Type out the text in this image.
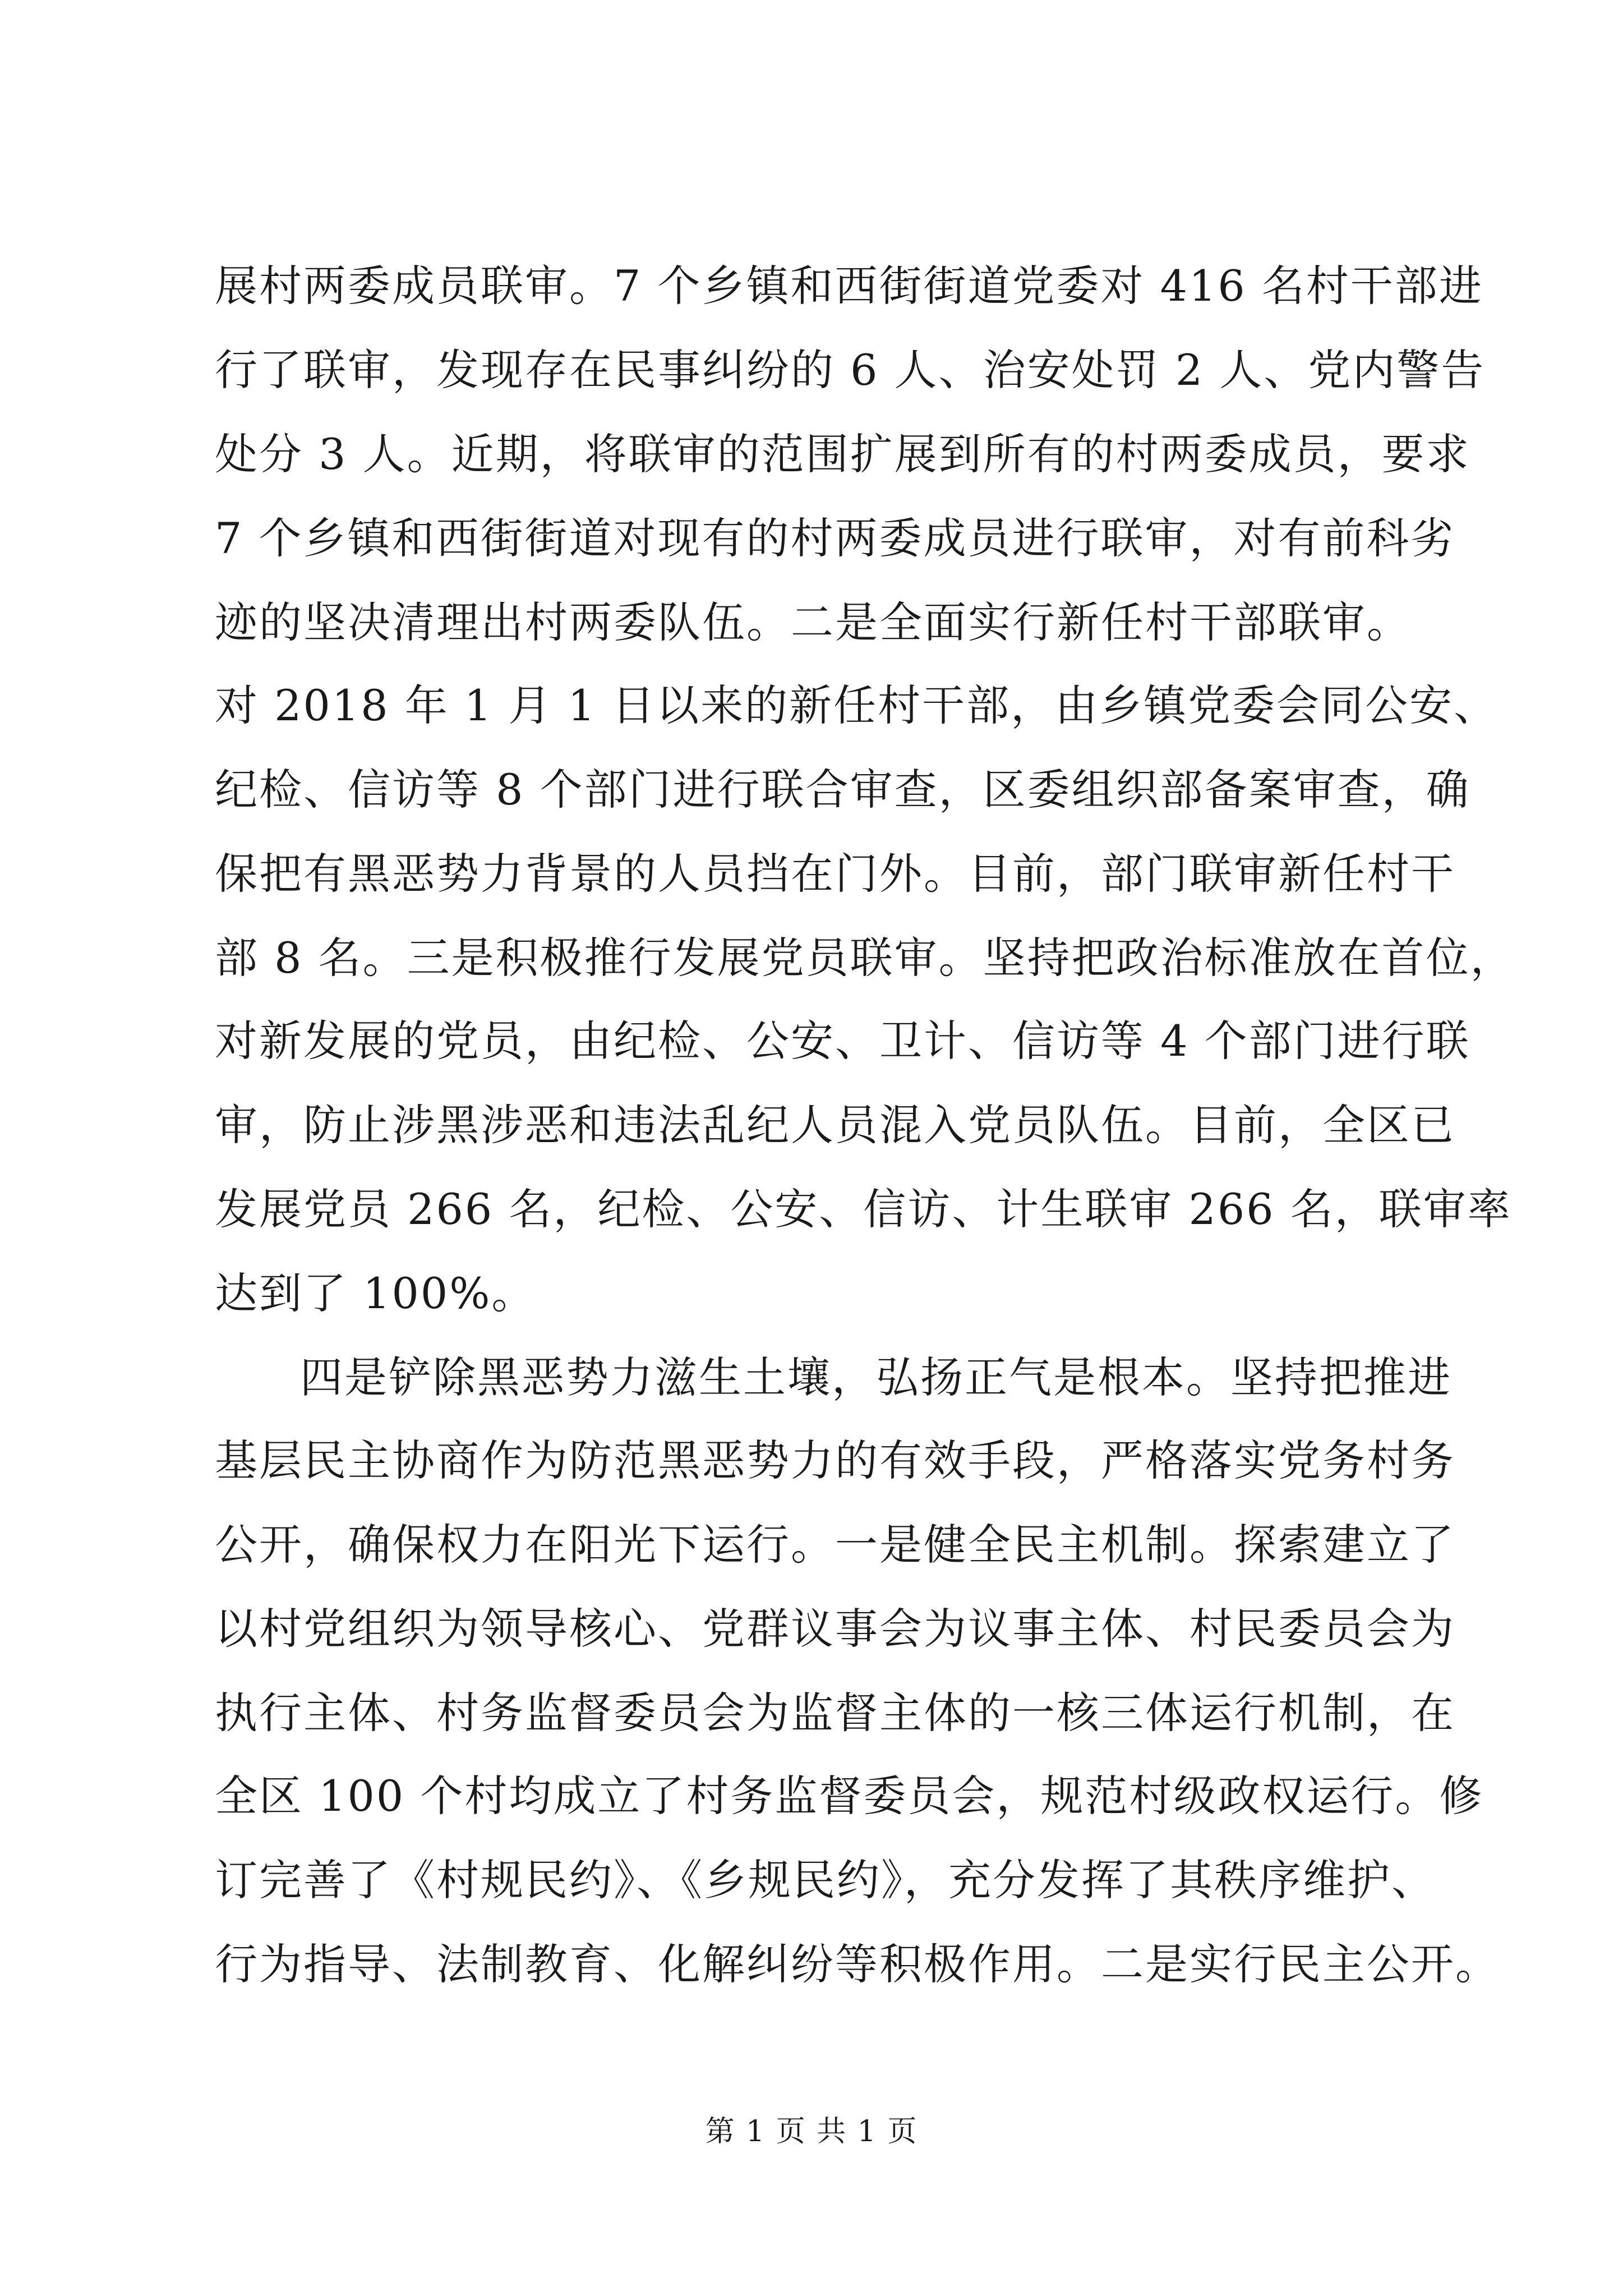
展村两委成员联审。7 个乡镇和西街街道党委对 416 名村干部进
行了联审，发现存在民事纠纷的 6 人、治安处罚 2 人、党内警告
处分 3 人。近期，将联审的范围扩展到所有的村两委成员，要求
7 个乡镇和西街街道对现有的村两委成员进行联审，对有前科劣
迹的坚决清理出村两委队伍。二是全面实行新任村干部联审。
对 2018 年 1 月 1 日以来的新任村干部，由乡镇党委会同公安、
纪检、信访等 8 个部门进行联合审查，区委组织部备案审查，确
保把有黑恶势力背景的人员挡在门外。目前，部门联审新任村干
部 8 名。三是积极推行发展党员联审。坚持把政治标准放在首位，
对新发展的党员，由纪检、公安、卫计、信访等 4 个部门进行联
审，防止涉黑涉恶和违法乱纪人员混入党员队伍。目前，全区已
发展党员 266 名，纪检、公安、信访、计生联审 266 名，联审率
达到了 100%。
四是铲除黑恶势力滋生土壤，弘扬正气是根本。坚持把推进
基层民主协商作为防范黑恶势力的有效手段，严格落实党务村务
公开，确保权力在阳光下运行。一是健全民主机制。探索建立了
以村党组织为领导核心、党群议事会为议事主体、村民委员会为
执行主体、村务监督委员会为监督主体的一核三体运行机制，在
全区 100 个村均成立了村务监督委员会，规范村级政权运行。修
订完善了《村规民约》、《乡规民约》，充分发挥了其秩序维护、
行为指导、法制教育、化解纠纷等积极作用。二是实行民主公开。
第 1 页 共 1 页
